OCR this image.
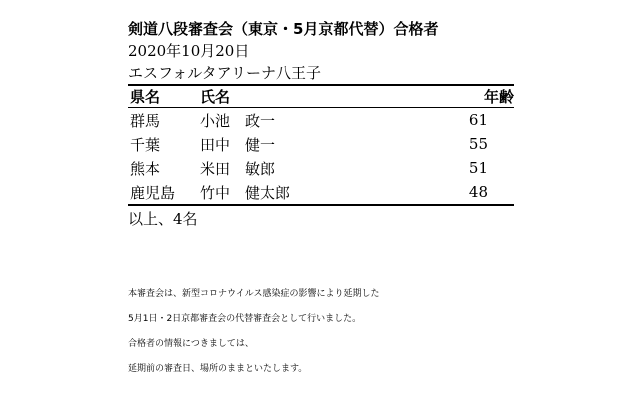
剣道八段審査会（東京・5月京都代替）合格者
2020年10月20日
エスフォルタアリーナ八王子
県名	氏名	年齢
群馬	小池　政一	61
千葉	田中　健一	55
熊本	米田　敏郎	51
鹿児島	竹中　健太郎	48
以上、4名
本審査会は、新型コロナウイルス感染症の影響により延期した
5月1日・2日京都審査会の代替審査会として行いました。
合格者の情報につきましては、
延期前の審査日、場所のままといたします。
